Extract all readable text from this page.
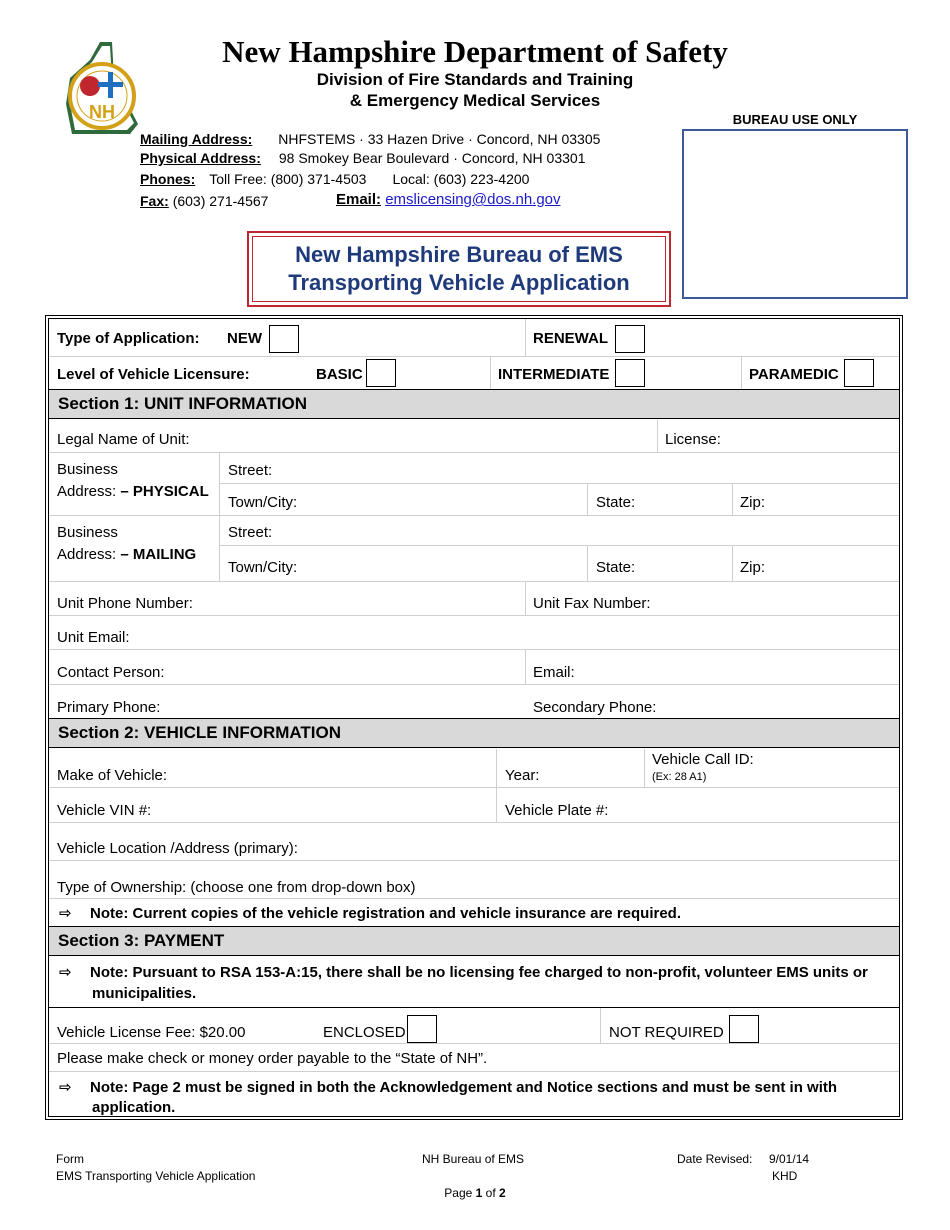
NH
New Hampshire Department of Safety
Division of Fire Standards and Training
& Emergency Medical Services
Mailing Address: NHFSTEMS · 33 Hazen Drive · Concord, NH 03305
Physical Address: 98 Smokey Bear Boulevard · Concord, NH 03301
Phones: Toll Free: (800) 371-4503 Local: (603) 223-4200
Fax: (603) 271-4567	Email: emslicensing@dos.nh.gov
BUREAU USE ONLY
New Hampshire Bureau of EMS
Transporting Vehicle Application
Type of Application: NEW	RENEWAL
Level of Vehicle Licensure:	BASIC	INTERMEDIATE	PARAMEDIC
Section 1: UNIT INFORMATION
Legal Name of Unit:	License:
Business
Address: – PHYSICAL
Street:
Town/City:	State:	Zip:
Business
Address: – MAILING
Street:
Town/City:	State:	Zip:
Unit Phone Number:	Unit Fax Number:
Unit Email:
Contact Person:	Email:
Primary Phone:	Secondary Phone:
Section 2: VEHICLE INFORMATION
Make of Vehicle:	Year:
Vehicle Call ID:
(Ex: 28 A1)
Vehicle VIN #:	Vehicle Plate #:
Vehicle Location /Address (primary):
Type of Ownership: (choose one from drop-down box)
⇨ Note: Current copies of the vehicle registration and vehicle insurance are required.
Section 3: PAYMENT
⇨ Note: Pursuant to RSA 153-A:15, there shall be no licensing fee charged to non-profit, volunteer EMS units or
municipalities.
Vehicle License Fee: $20.00	ENCLOSED	NOT REQUIRED
Please make check or money order payable to the “State of NH”.
⇨ Note: Page 2 must be signed in both the Acknowledgement and Notice sections and must be sent in with
application.
Form
EMS Transporting Vehicle Application
NH Bureau of EMS	Date Revised: 9/01/14
KHD
Page 1 of 2
